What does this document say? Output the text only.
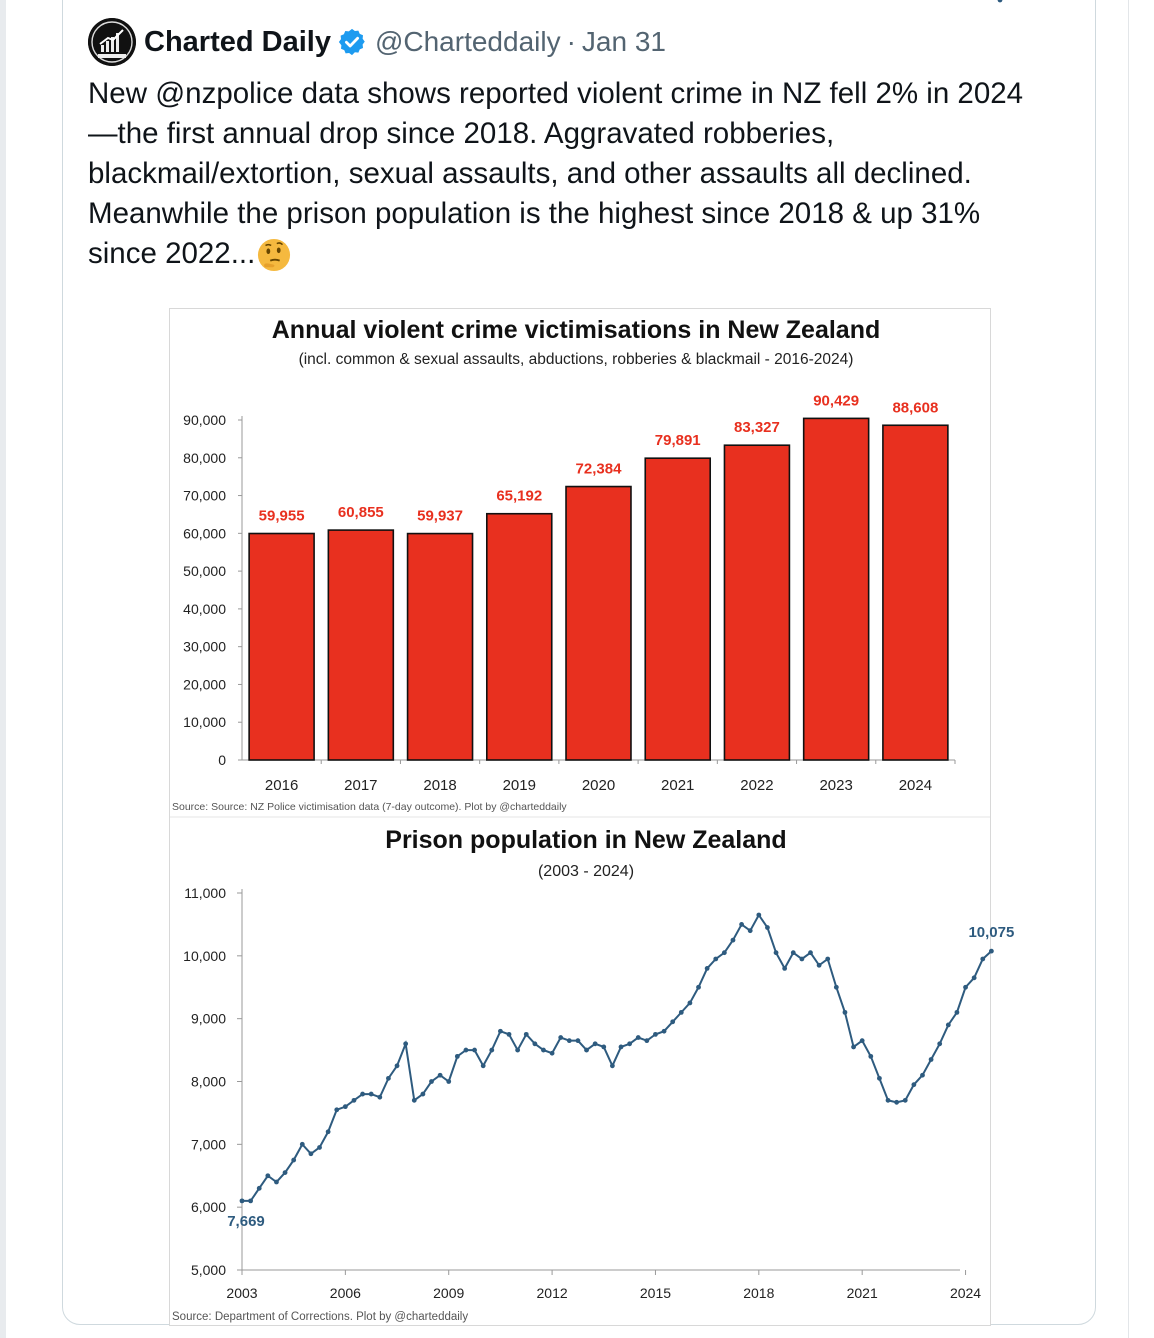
Charted Daily @Charteddaily · Jan 31
New @nzpolice data shows reported violent crime in NZ fell 2% in 2024
—the first annual drop since 2018. Aggravated robberies,
blackmail/extortion, sexual assaults, and other assaults all declined.
Meanwhile the prison population is the highest since 2018 & up 31%
since 2022...
Annual violent crime victimisations in New Zealand
(incl. common & sexual assaults, abductions, robberies & blackmail - 2016-2024)
Source: Source: NZ Police victimisation data (7-day outcome). Plot by @charteddaily
0
10,000
20,000
30,000
40,000
50,000
60,000
70,000
80,000
90,000
2016
59,955
2017
60,855
2018
59,937
2019
65,192
2020
72,384
2021
79,891
2022
83,327
2023
90,429
2024
88,608
Prison population in New Zealand
(2003 - 2024)
Source: Department of Corrections. Plot by @charteddaily
5,000
6,000
7,000
8,000
9,000
10,000
11,000
2003	2006	2009	2012	2015	2018	2021	2024
7,669
10,075
